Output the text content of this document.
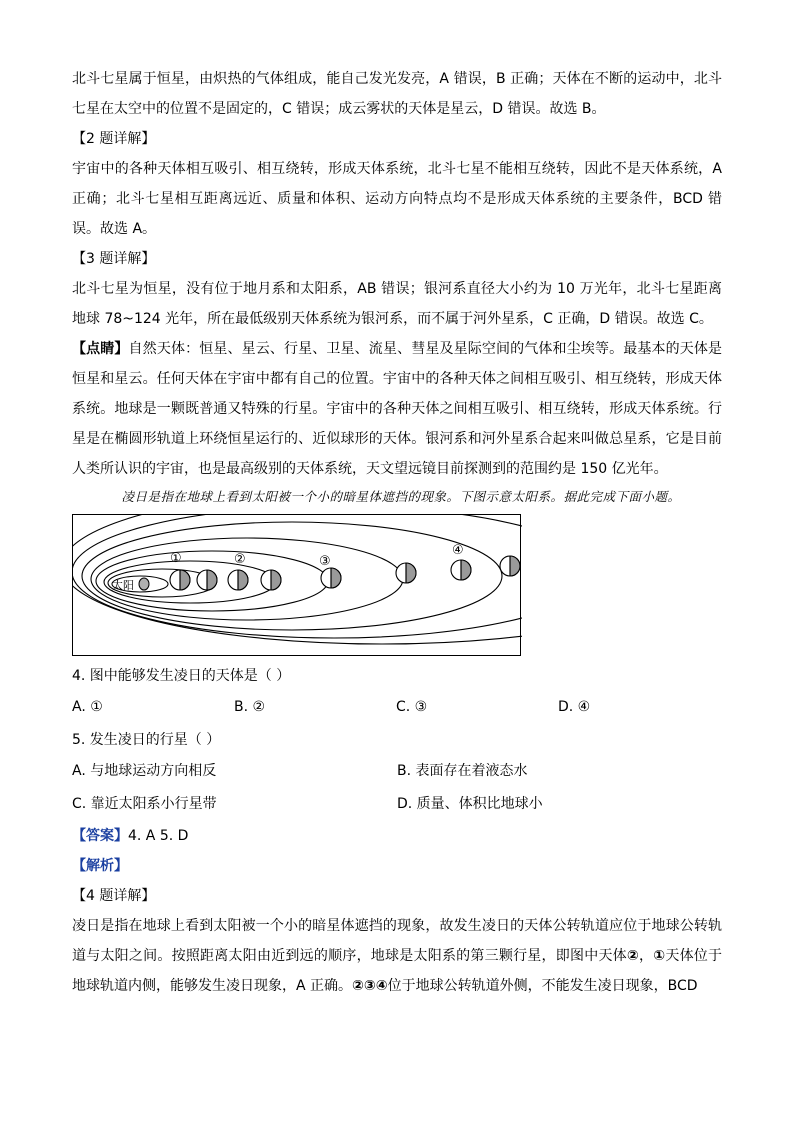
北斗七星属于恒星，由炽热的气体组成，能自己发光发亮，A 错误，B 正确；天体在不断的运动中，北斗七星在太空中的位置不是固定的，C 错误；成云雾状的天体是星云，D 错误。故选 B。

【2 题详解】

宇宙中的各种天体相互吸引、相互绕转，形成天体系统，北斗七星不能相互绕转，因此不是天体系统，A 正确；北斗七星相互距离远近、质量和体积、运动方向特点均不是形成天体系统的主要条件，BCD 错误。故选 A。

【3 题详解】

北斗七星为恒星，没有位于地月系和太阳系，AB 错误；银河系直径大小约为 10 万光年，北斗七星距离地球 78~124 光年，所在最低级别天体系统为银河系，而不属于河外星系，C 正确，D 错误。故选 C。

【点睛】自然天体：恒星、星云、行星、卫星、流星、彗星及星际空间的气体和尘埃等。最基本的天体是恒星和星云。任何天体在宇宙中都有自己的位置。宇宙中的各种天体之间相互吸引、相互绕转，形成天体系统。地球是一颗既普通又特殊的行星。宇宙中的各种天体之间相互吸引、相互绕转，形成天体系统。行星是在椭圆形轨道上环绕恒星运行的、近似球形的天体。银河系和河外星系合起来叫做总星系，它是目前人类所认识的宇宙，也是最高级别的天体系统，天文望远镜目前探测到的范围约是 150 亿光年。

凌日是指在地球上看到太阳被一个小的暗星体遮挡的现象。下图示意太阳系。据此完成下面小题。

太阳
①	②	③
④

4. 图中能够发生凌日的天体是（ ）

A. ①	B. ②	C. ③	D. ④

5. 发生凌日的行星（ ）

A. 与地球运动方向相反	B. 表面存在着液态水
C. 靠近太阳系小行星带	D. 质量、体积比地球小

【答案】4. A 5. D

【解析】

【4 题详解】

凌日是指在地球上看到太阳被一个小的暗星体遮挡的现象，故发生凌日的天体公转轨道应位于地球公转轨道与太阳之间。按照距离太阳由近到远的顺序，地球是太阳系的第三颗行星，即图中天体②，①天体位于地球轨道内侧，能够发生凌日现象，A 正确。②③④位于地球公转轨道外侧，不能发生凌日现象，BCD
